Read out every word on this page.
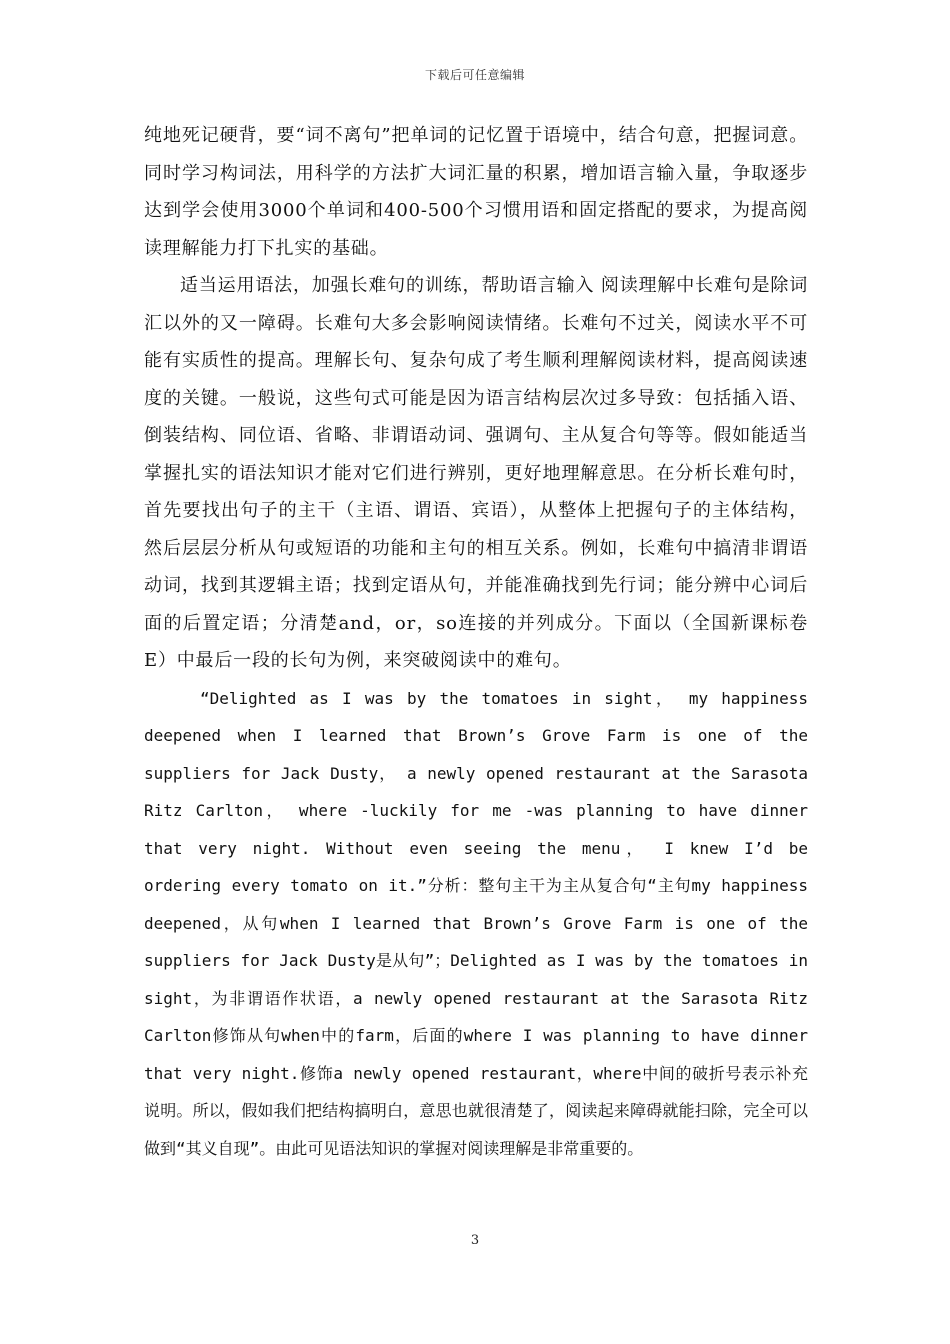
下载后可任意编辑

纯地死记硬背，要“词不离句”把单词的记忆置于语境中，结合句意，把握词意。同时学习构词法，用科学的方法扩大词汇量的积累，增加语言输入量，争取逐步达到学会使用3000个单词和400-500个习惯用语和固定搭配的要求，为提高阅读理解能力打下扎实的基础。

适当运用语法，加强长难句的训练，帮助语言输入 阅读理解中长难句是除词汇以外的又一障碍。长难句大多会影响阅读情绪。长难句不过关，阅读水平不可能有实质性的提高。理解长句、复杂句成了考生顺利理解阅读材料，提高阅读速度的关键。一般说，这些句式可能是因为语言结构层次过多导致：包括插入语、倒装结构、同位语、省略、非谓语动词、强调句、主从复合句等等。假如能适当掌握扎实的语法知识才能对它们进行辨别，更好地理解意思。在分析长难句时，首先要找出句子的主干（主语、谓语、宾语），从整体上把握句子的主体结构，然后层层分析从句或短语的功能和主句的相互关系。例如，长难句中搞清非谓语动词，找到其逻辑主语；找到定语从句，并能准确找到先行词；能分辨中心词后面的后置定语；分清楚and，or，so连接的并列成分。下面以（全国新课标卷 E）中最后一段的长句为例，来突破阅读中的难句。

“Delighted as I was by the tomatoes in sight， my happiness deepened when I learned that Brown’s Grove Farm is one of the suppliers for Jack Dusty， a newly opened restaurant at the Sarasota Ritz Carlton， where -luckily for me -was planning to have dinner that very night. Without even seeing the menu， I knew I’d be ordering every tomato on it.”分析：整句主干为主从复合句“主句my happiness deepened，从句when I learned that Brown’s Grove Farm is one of the suppliers for Jack Dusty是从句”；Delighted as I was by the tomatoes in sight，为非谓语作状语，a newly opened restaurant at the Sarasota Ritz Carlton修饰从句when中的farm，后面的where I was planning to have dinner that very night.修饰a newly opened restaurant，where中间的破折号表示补充说明。所以，假如我们把结构搞明白，意思也就很清楚了，阅读起来障碍就能扫除，完全可以做到“其义自现”。由此可见语法知识的掌握对阅读理解是非常重要的。

3
